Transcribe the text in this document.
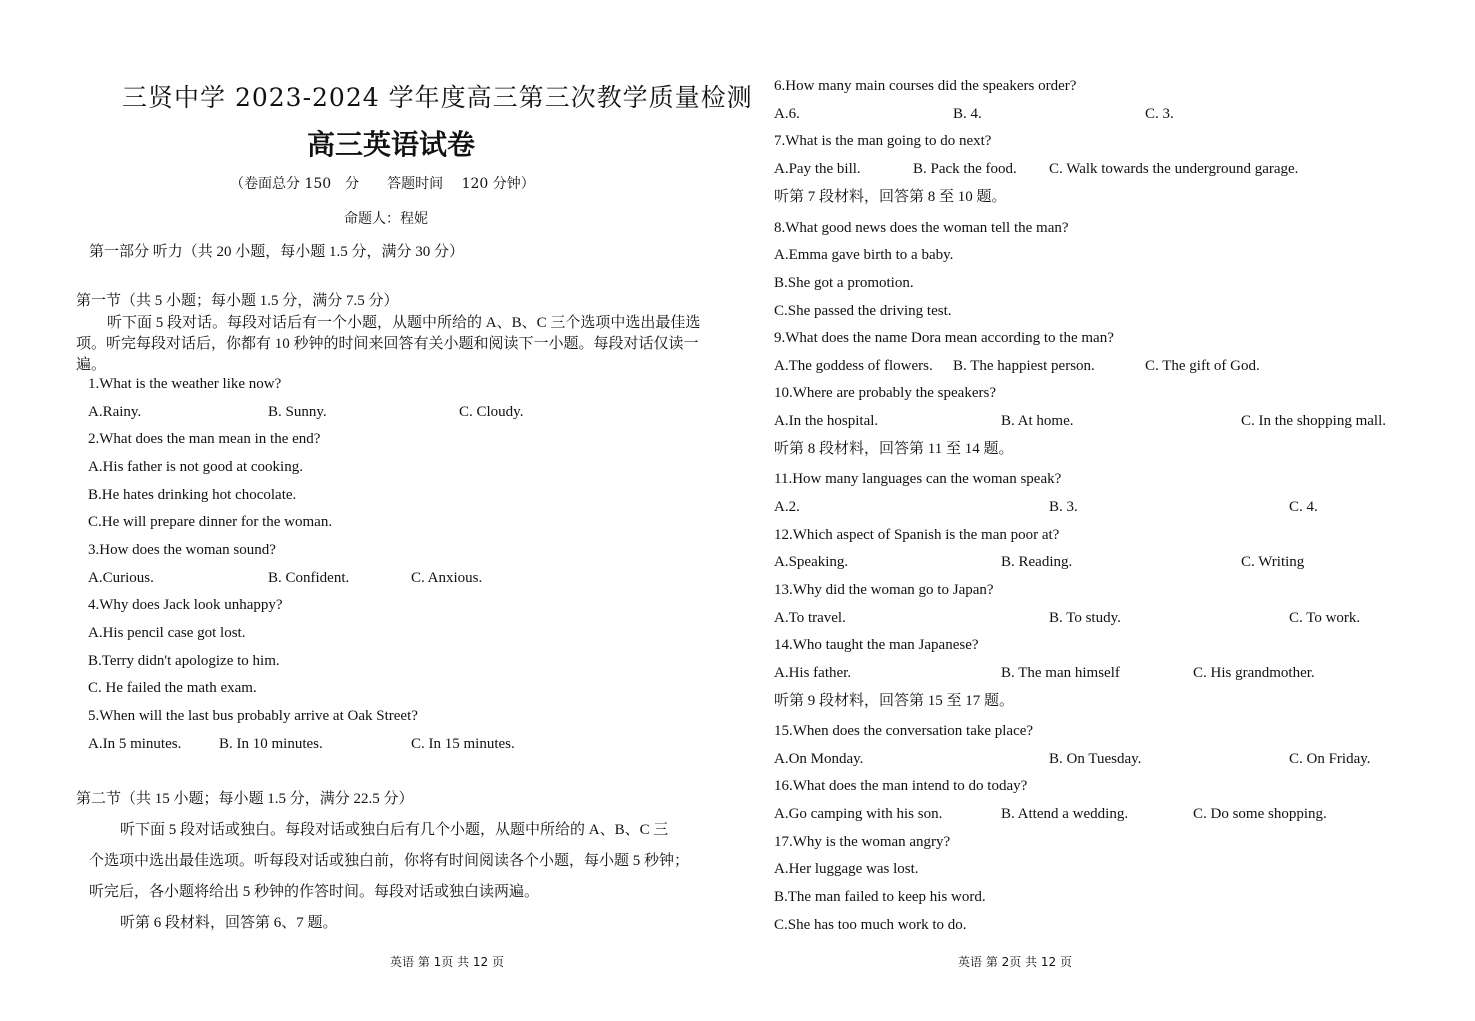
三贤中学 2023-2024 学年度高三第三次教学质量检测
高三英语试卷
（卷面总分 150　分　　答题时间　 120 分钟）
命题人：程妮
第一部分 听力（共 20 小题，每小题 1.5 分，满分 30 分）
第一节（共 5 小题；每小题 1.5 分，满分 7.5 分）
听下面 5 段对话。每段对话后有一个小题，从题中所给的 A、B、C 三个选项中选出最佳选项。听完每段对话后，你都有 10 秒钟的时间来回答有关小题和阅读下一小题。每段对话仅读一遍。
1.What is the weather like now?
A.Rainy.	B. Sunny.	C. Cloudy.
2.What does the man mean in the end?
A.His father is not good at cooking.
B.He hates drinking hot chocolate.
C.He will prepare dinner for the woman.
3.How does the woman sound?
A.Curious.	B. Confident.	C. Anxious.
4.Why does Jack look unhappy?
A.His pencil case got lost.
B.Terry didn't apologize to him.
C. He failed the math exam.
5.When will the last bus probably arrive at Oak Street?
A.In 5 minutes.	B. In 10 minutes.	C. In 15 minutes.
第二节（共 15 小题；每小题 1.5 分，满分 22.5 分）
听下面 5 段对话或独白。每段对话或独白后有几个小题，从题中所给的 A、B、C 三
个选项中选出最佳选项。听每段对话或独白前，你将有时间阅读各个小题，每小题 5 秒钟；
听完后，各小题将给出 5 秒钟的作答时间。每段对话或独白读两遍。
听第 6 段材料，回答第 6、7 题。
英语 第 1页 共 12 页
6.How many main courses did the speakers order?
A.6.	B. 4.	C. 3.
7.What is the man going to do next?
A.Pay the bill.	B. Pack the food. C. Walk towards the underground garage.
听第 7 段材料，回答第 8 至 10 题。
8.What good news does the woman tell the man?
A.Emma gave birth to a baby.
B.She got a promotion.
C.She passed the driving test.
9.What does the name Dora mean according to the man?
A.The goddess of flowers. B. The happiest person.	C. The gift of God.
10.Where are probably the speakers?
A.In the hospital.	B. At home.	C. In the shopping mall.
听第 8 段材料，回答第 11 至 14 题。
11.How many languages can the woman speak?
A.2.	B. 3.	C. 4.
12.Which aspect of Spanish is the man poor at?
A.Speaking.	B. Reading.	C. Writing
13.Why did the woman go to Japan?
A.To travel.	B. To study.	C. To work.
14.Who taught the man Japanese?
A.His father.	B. The man himself	C. His grandmother.
听第 9 段材料，回答第 15 至 17 题。
15.When does the conversation take place?
A.On Monday.	B. On Tuesday.	C. On Friday.
16.What does the man intend to do today?
A.Go camping with his son.	B. Attend a wedding.	C. Do some shopping.
17.Why is the woman angry?
A.Her luggage was lost.
B.The man failed to keep his word.
C.She has too much work to do.
英语 第 2页 共 12 页
